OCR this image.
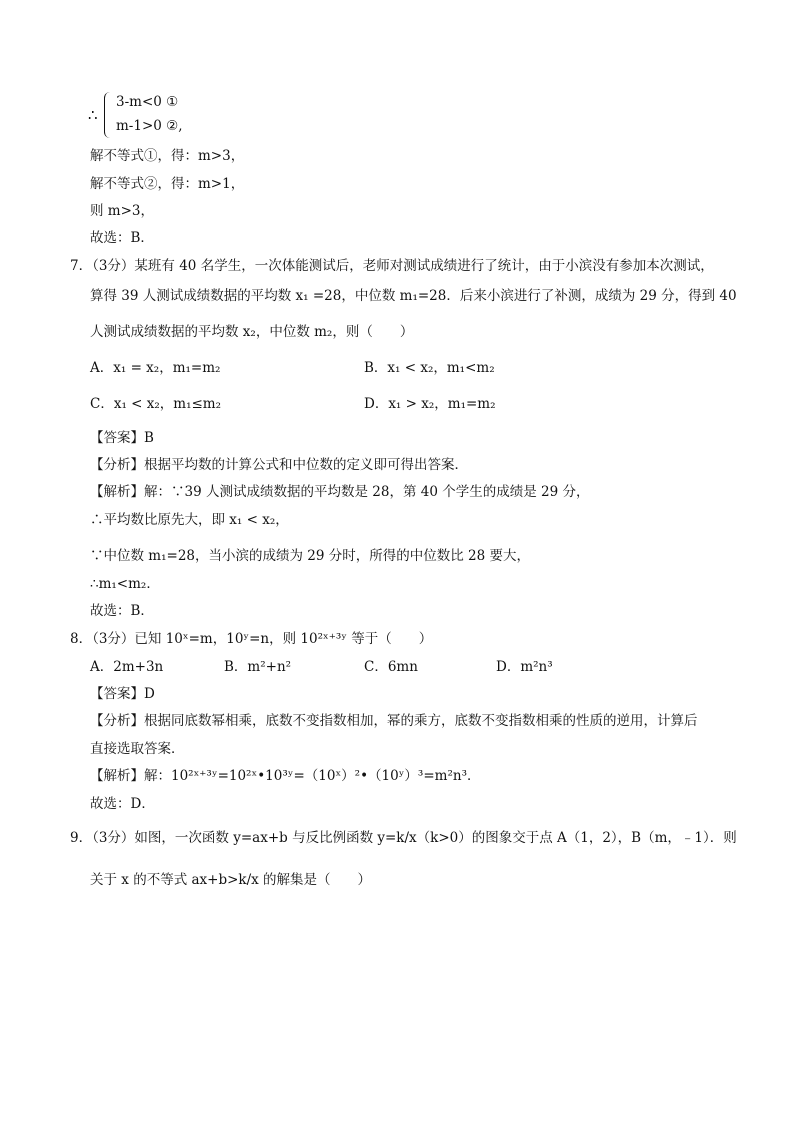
∴
3-m<0 ①
m-1>0 ②,
解不等式①，得：m>3，
解不等式②，得：m>1，
则 m>3，
故选：B．
7．（3分）某班有 40 名学生，一次体能测试后，老师对测试成绩进行了统计，由于小滨没有参加本次测试，
算得 39 人测试成绩数据的平均数 x₁ =28，中位数 m₁=28．后来小滨进行了补测，成绩为 29 分，得到 40
人测试成绩数据的平均数 x₂，中位数 m₂，则（　　）
A．x₁ = x₂，m₁=m₂	B．x₁ < x₂，m₁<m₂
C．x₁ < x₂，m₁≤m₂	D．x₁ > x₂，m₁=m₂
【答案】B
【分析】根据平均数的计算公式和中位数的定义即可得出答案．
【解析】解：∵39 人测试成绩数据的平均数是 28，第 40 个学生的成绩是 29 分，
∴平均数比原先大，即 x₁ < x₂，
∵中位数 m₁=28，当小滨的成绩为 29 分时，所得的中位数比 28 要大，
∴m₁<m₂．
故选：B．
8．（3分）已知 10ˣ=m，10ʸ=n，则 10²ˣ⁺³ʸ 等于（　　）
A．2m+3n	B．m²+n²	C．6mn	D．m²n³
【答案】D
【分析】根据同底数幂相乘，底数不变指数相加，幂的乘方，底数不变指数相乘的性质的逆用，计算后
直接选取答案．
【解析】解：10²ˣ⁺³ʸ=10²ˣ•10³ʸ=（10ˣ）²•（10ʸ）³=m²n³．
故选：D．
9．（3分）如图，一次函数 y=ax+b 与反比例函数 y=k/x（k>0）的图象交于点 A（1，2），B（m，﹣1）．则
关于 x 的不等式 ax+b>k/x 的解集是（　　）
